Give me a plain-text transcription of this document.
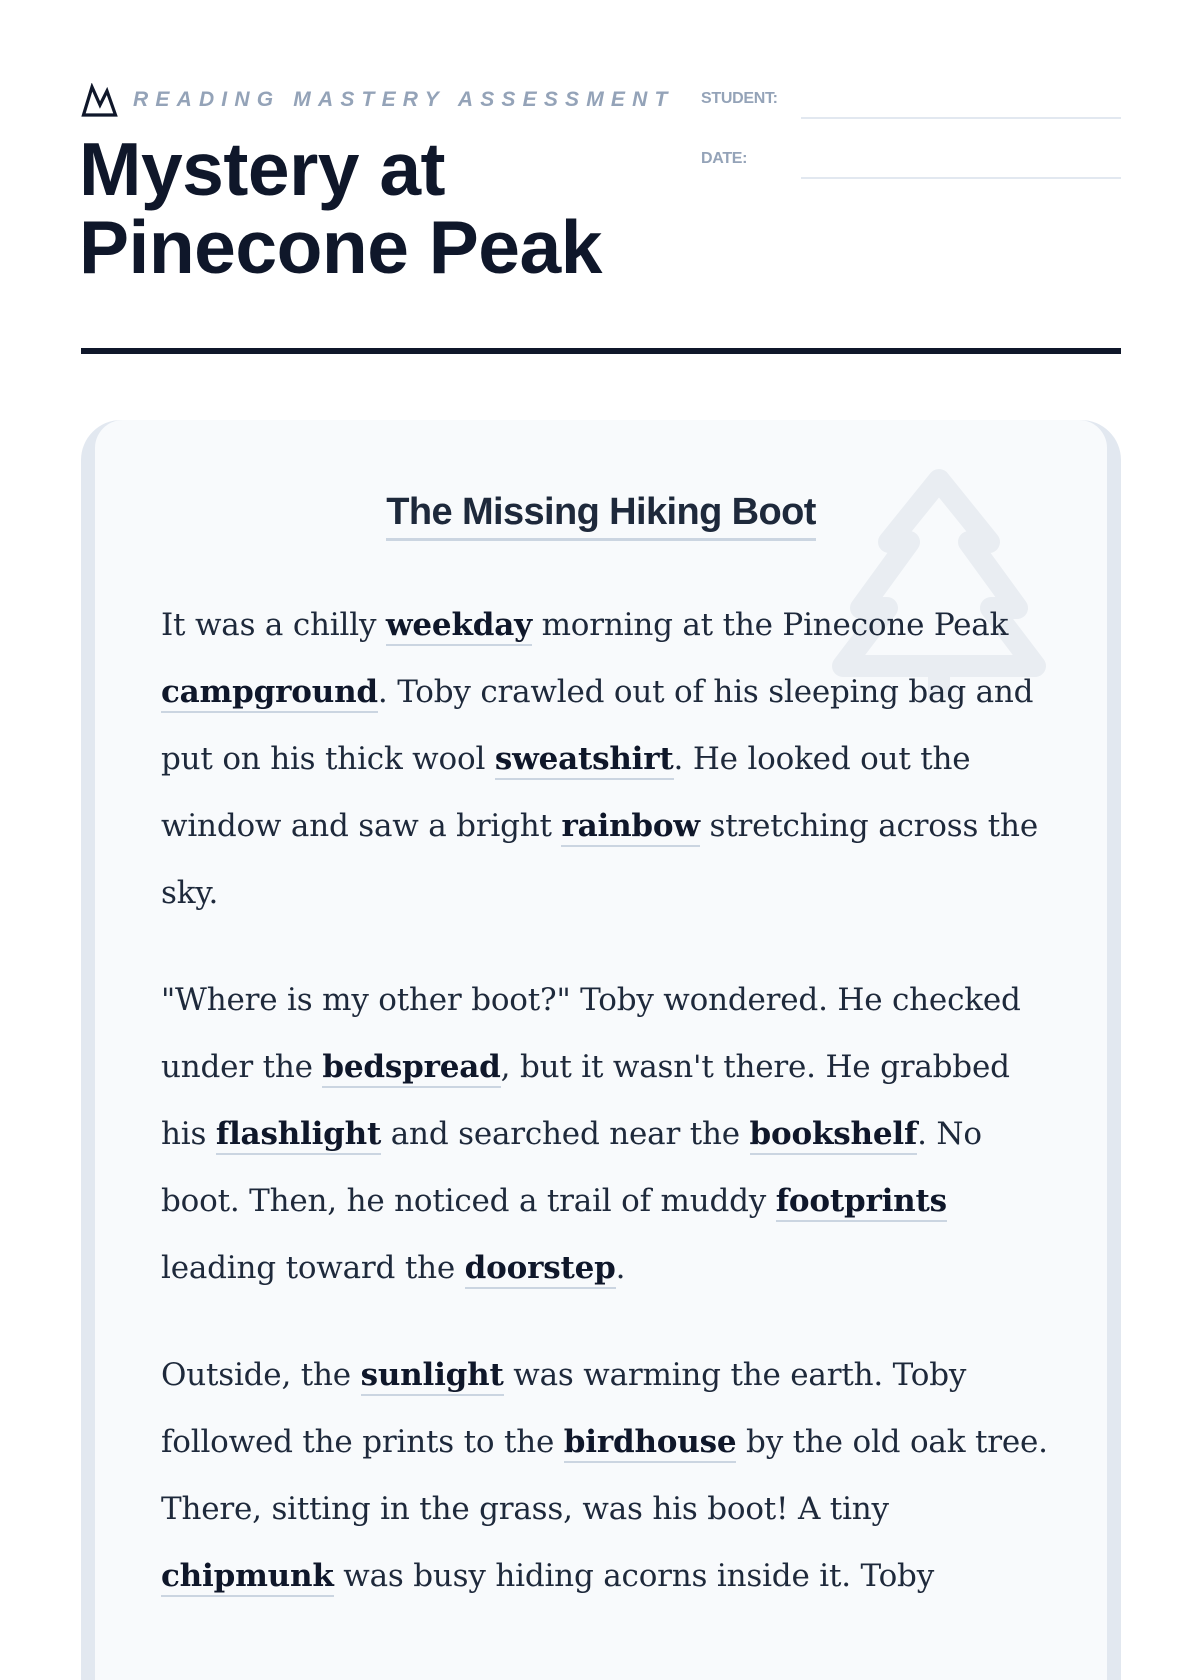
READING MASTERY ASSESSMENT
Mystery at Pinecone Peak
STUDENT:
DATE:
The Missing Hiking Boot

It was a chilly weekday morning at the Pinecone Peak campground. Toby crawled out of his sleeping bag and put on his thick wool sweatshirt. He looked out the window and saw a bright rainbow stretching across the sky.

"Where is my other boot?" Toby wondered. He checked under the bedspread, but it wasn't there. He grabbed his flashlight and searched near the bookshelf. No boot. Then, he noticed a trail of muddy footprints leading toward the doorstep.

Outside, the sunlight was warming the earth. Toby followed the prints to the birdhouse by the old oak tree. There, sitting in the grass, was his boot! A tiny chipmunk was busy hiding acorns inside it. Toby
